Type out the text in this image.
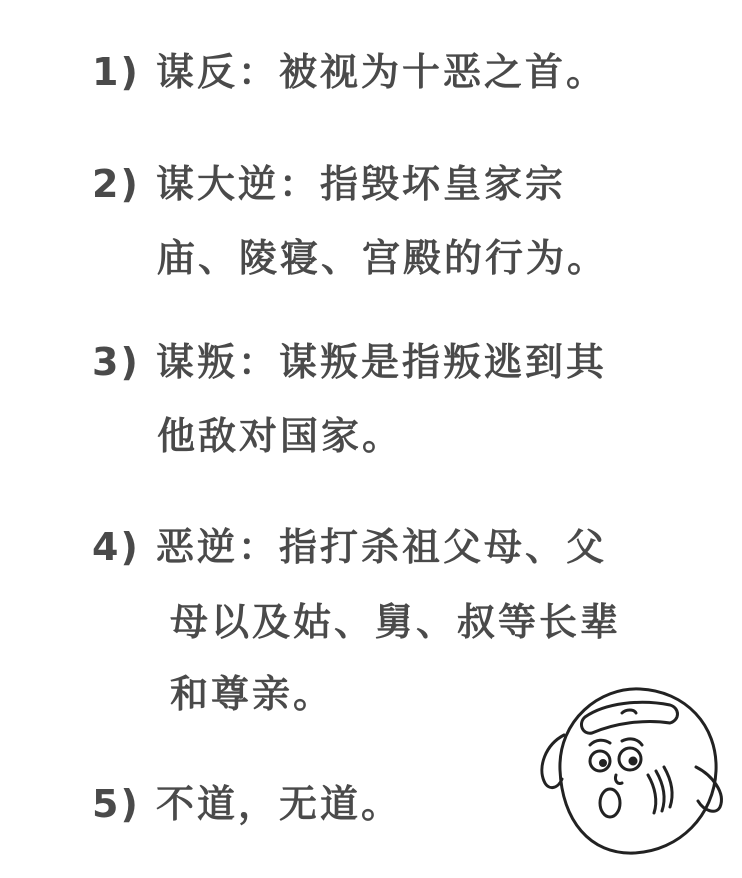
1) 谋反：被视为十恶之首。
2) 谋大逆：指毁坏皇家宗
庙、陵寝、宫殿的行为。
3) 谋叛：谋叛是指叛逃到其
他敌对国家。
4) 恶逆：指打杀祖父母、父
母以及姑、舅、叔等长辈
和尊亲。
5) 不道，无道。
